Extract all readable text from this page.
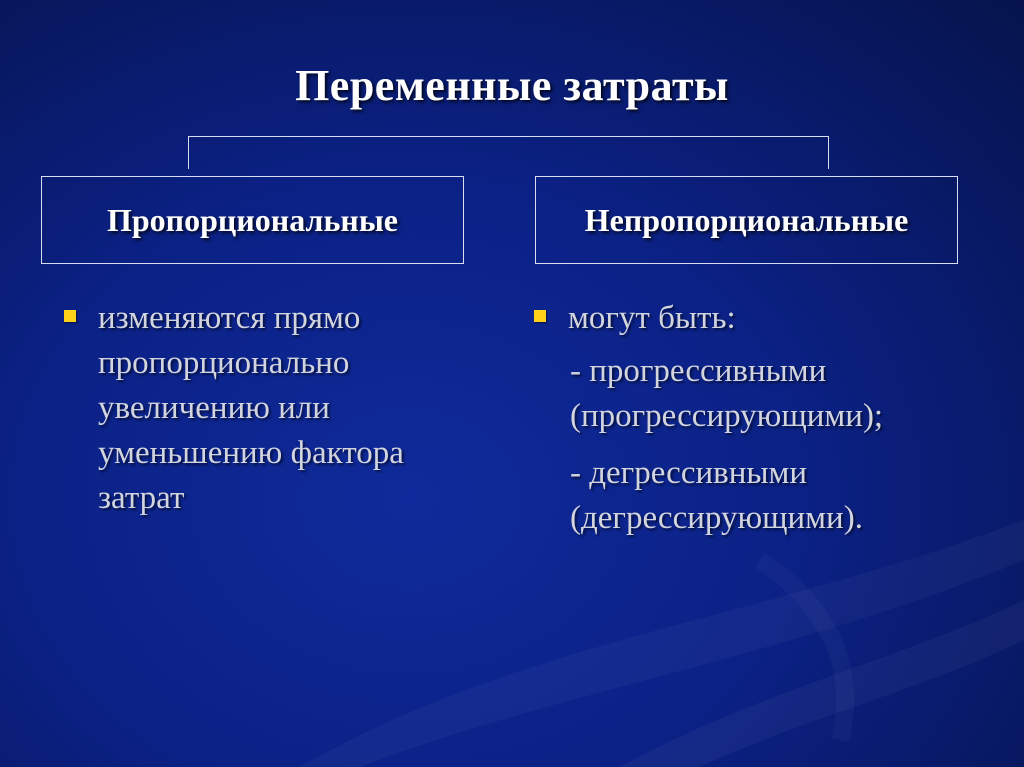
Переменные затраты
Пропорциональные	Непропорциональные
изменяются прямо пропорционально увеличению или уменьшению фактора затрат
могут быть:
- прогрессивными (прогрессирующими);
- дегрессивными (дегрессирующими).
